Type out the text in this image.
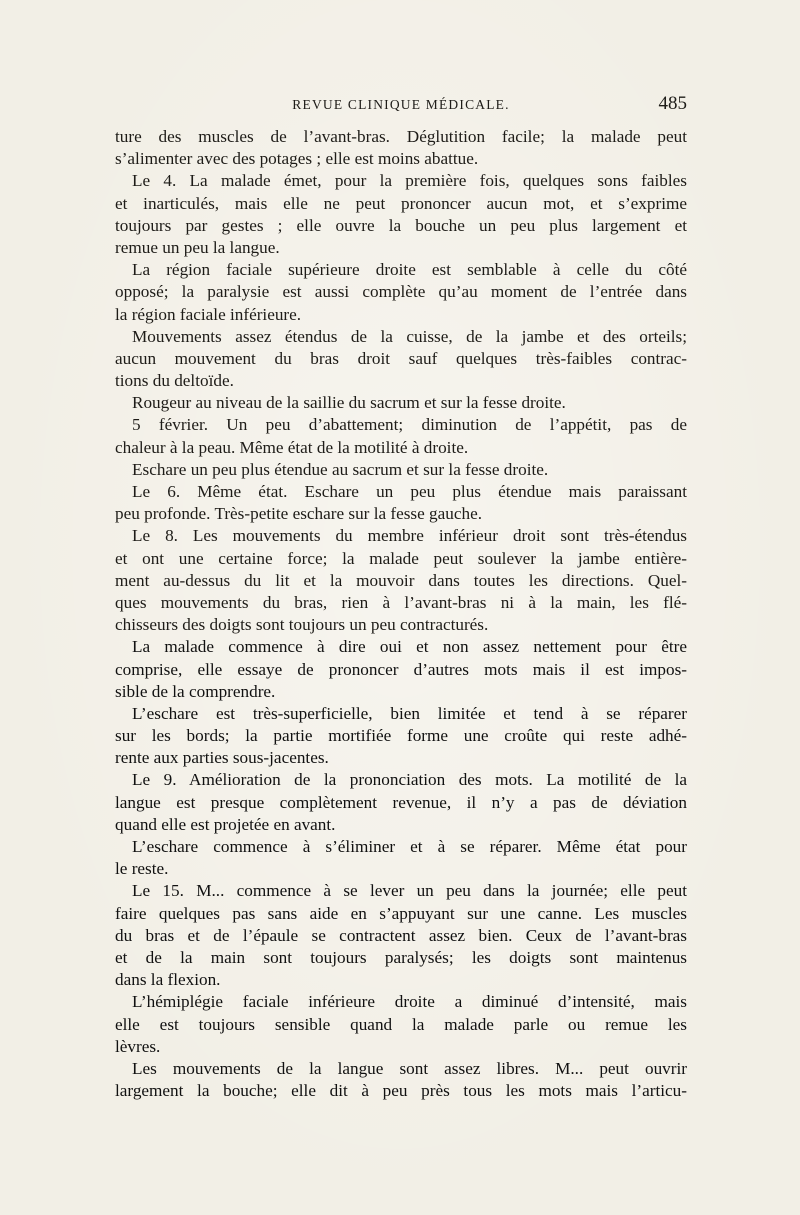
REVUE CLINIQUE MÉDICALE.	485
ture des muscles de l’avant-bras. Déglutition facile; la malade peut
s’alimenter avec des potages ; elle est moins abattue.
Le 4. La malade émet, pour la première fois, quelques sons faibles
et inarticulés, mais elle ne peut prononcer aucun mot, et s’exprime
toujours par gestes ; elle ouvre la bouche un peu plus largement et
remue un peu la langue.
La région faciale supérieure droite est semblable à celle du côté
opposé; la paralysie est aussi complète qu’au moment de l’entrée dans
la région faciale inférieure.
Mouvements assez étendus de la cuisse, de la jambe et des orteils;
aucun mouvement du bras droit sauf quelques très-faibles contrac-
tions du deltoïde.
Rougeur au niveau de la saillie du sacrum et sur la fesse droite.
5 février. Un peu d’abattement; diminution de l’appétit, pas de
chaleur à la peau. Même état de la motilité à droite.
Eschare un peu plus étendue au sacrum et sur la fesse droite.
Le 6. Même état. Eschare un peu plus étendue mais paraissant
peu profonde. Très-petite eschare sur la fesse gauche.
Le 8. Les mouvements du membre inférieur droit sont très-étendus
et ont une certaine force; la malade peut soulever la jambe entière-
ment au-dessus du lit et la mouvoir dans toutes les directions. Quel-
ques mouvements du bras, rien à l’avant-bras ni à la main, les flé-
chisseurs des doigts sont toujours un peu contracturés.
La malade commence à dire oui et non assez nettement pour être
comprise, elle essaye de prononcer d’autres mots mais il est impos-
sible de la comprendre.
L’eschare est très-superficielle, bien limitée et tend à se réparer
sur les bords; la partie mortifiée forme une croûte qui reste adhé-
rente aux parties sous-jacentes.
Le 9. Amélioration de la prononciation des mots. La motilité de la
langue est presque complètement revenue, il n’y a pas de déviation
quand elle est projetée en avant.
L’eschare commence à s’éliminer et à se réparer. Même état pour
le reste.
Le 15. M... commence à se lever un peu dans la journée; elle peut
faire quelques pas sans aide en s’appuyant sur une canne. Les muscles
du bras et de l’épaule se contractent assez bien. Ceux de l’avant-bras
et de la main sont toujours paralysés; les doigts sont maintenus
dans la flexion.
L’hémiplégie faciale inférieure droite a diminué d’intensité, mais
elle est toujours sensible quand la malade parle ou remue les
lèvres.
Les mouvements de la langue sont assez libres. M... peut ouvrir
largement la bouche; elle dit à peu près tous les mots mais l’articu-
